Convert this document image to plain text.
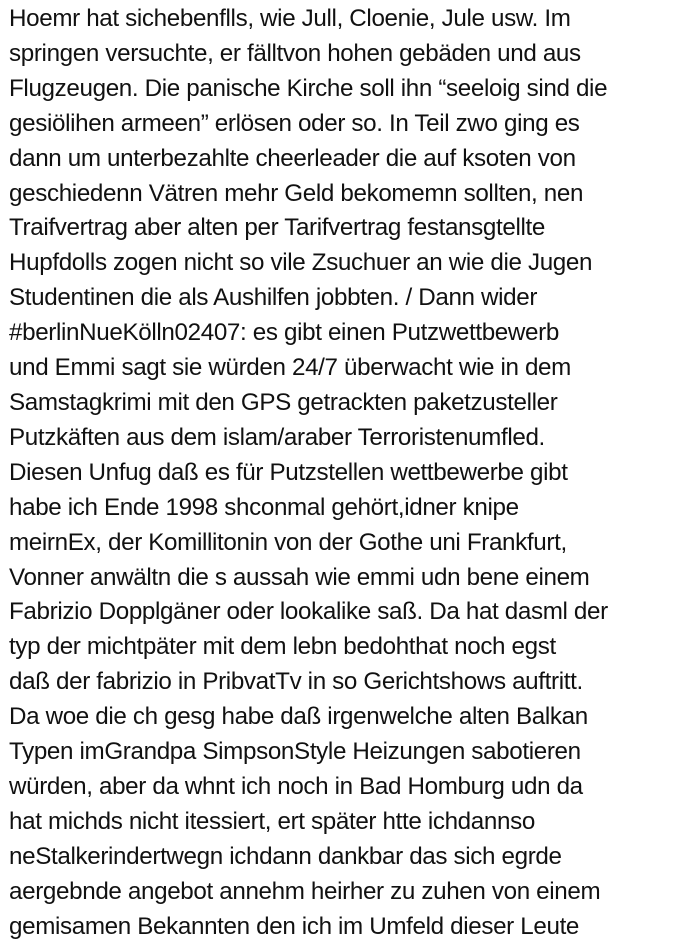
Hoemr hat sichebenflls, wie Jull, Cloenie, Jule usw. Im
springen versuchte, er fälltvon hohen gebäden und aus
Flugzeugen. Die panische Kirche soll ihn “seeloig sind die
gesiölihen armeen” erlösen oder so. In Teil zwo ging es
dann um unterbezahlte cheerleader die auf ksoten von
geschiedenn Vätren mehr Geld bekomemn sollten, nen
Traifvertrag aber alten per Tarifvertrag festansgtellte
Hupfdolls zogen nicht so vile Zsuchuer an wie die Jugen
Studentinen die als Aushilfen jobbten. / Dann wider
#berlinNueKölln02407: es gibt einen Putzwettbewerb
und Emmi sagt sie würden 24/7 überwacht wie in dem
Samstagkrimi mit den GPS getrackten paketzusteller
Putzkäften aus dem islam/araber Terroristenumfled.
Diesen Unfug daß es für Putzstellen wettbewerbe gibt
habe ich Ende 1998 shconmal gehört,idner knipe
meirnEx, der Komillitonin von der Gothe uni Frankfurt,
Vonner anwältn die s aussah wie emmi udn bene einem
Fabrizio Dopplgäner oder lookalike saß. Da hat dasml der
typ der michtpäter mit dem lebn bedohthat noch egst
daß der fabrizio in PribvatTv in so Gerichtshows auftritt.
Da woe die ch gesg habe daß irgenwelche alten Balkan
Typen imGrandpa SimpsonStyle Heizungen sabotieren
würden, aber da whnt ich noch in Bad Homburg udn da
hat michds nicht itessiert, ert später htte ichdannso
neStalkerindertwegn ichdann dankbar das sich egrde
aergebnde angebot annehm heirher zu zuhen von einem
gemisamen Bekannten den ich im Umfeld dieser Leute
